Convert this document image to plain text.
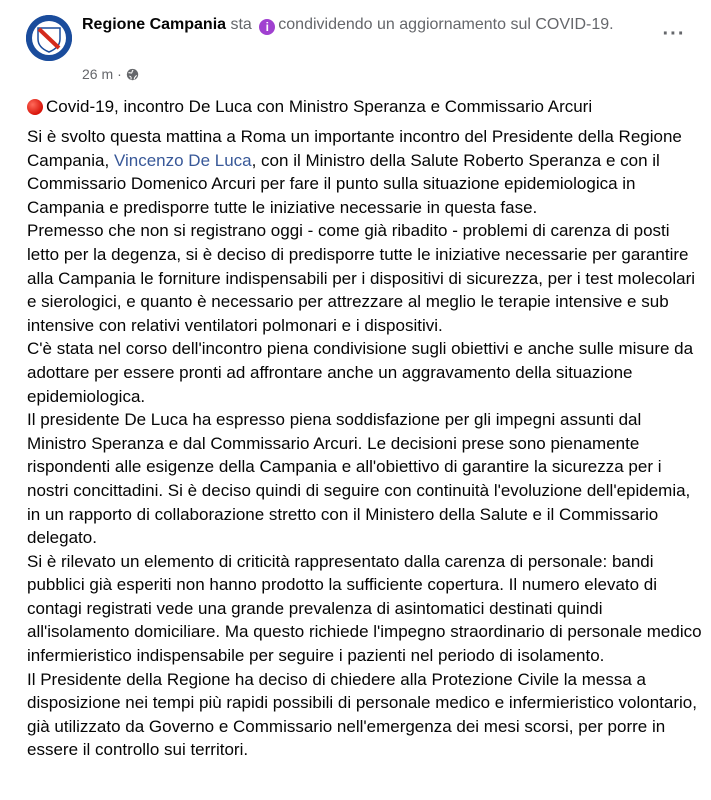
Regione Campania sta i condividendo un aggiornamento sul COVID-19.	···
26 m ·
Covid-19, incontro De Luca con Ministro Speranza e Commissario Arcuri

Si è svolto questa mattina a Roma un importante incontro del Presidente della Regione Campania, Vincenzo De Luca, con il Ministro della Salute Roberto Speranza e con il Commissario Domenico Arcuri per fare il punto sulla situazione epidemiologica in Campania e predisporre tutte le iniziative necessarie in questa fase.

Premesso che non si registrano oggi - come già ribadito - problemi di carenza di posti letto per la degenza, si è deciso di predisporre tutte le iniziative necessarie per garantire alla Campania le forniture indispensabili per i dispositivi di sicurezza, per i test molecolari e sierologici, e quanto è necessario per attrezzare al meglio le terapie intensive e sub intensive con relativi ventilatori polmonari e i dispositivi.

C'è stata nel corso dell'incontro piena condivisione sugli obiettivi e anche sulle misure da adottare per essere pronti ad affrontare anche un aggravamento della situazione epidemiologica.

Il presidente De Luca ha espresso piena soddisfazione per gli impegni assunti dal Ministro Speranza e dal Commissario Arcuri. Le decisioni prese sono pienamente rispondenti alle esigenze della Campania e all'obiettivo di garantire la sicurezza per i nostri concittadini. Si è deciso quindi di seguire con continuità l'evoluzione dell'epidemia, in un rapporto di collaborazione stretto con il Ministero della Salute e il Commissario delegato.

Si è rilevato un elemento di criticità rappresentato dalla carenza di personale: bandi pubblici già esperiti non hanno prodotto la sufficiente copertura. Il numero elevato di contagi registrati vede una grande prevalenza di asintomatici destinati quindi all'isolamento domiciliare. Ma questo richiede l'impegno straordinario di personale medico infermieristico indispensabile per seguire i pazienti nel periodo di isolamento.

Il Presidente della Regione ha deciso di chiedere alla Protezione Civile la messa a disposizione nei tempi più rapidi possibili di personale medico e infermieristico volontario, già utilizzato da Governo e Commissario nell'emergenza dei mesi scorsi, per porre in essere il controllo sui territori.
